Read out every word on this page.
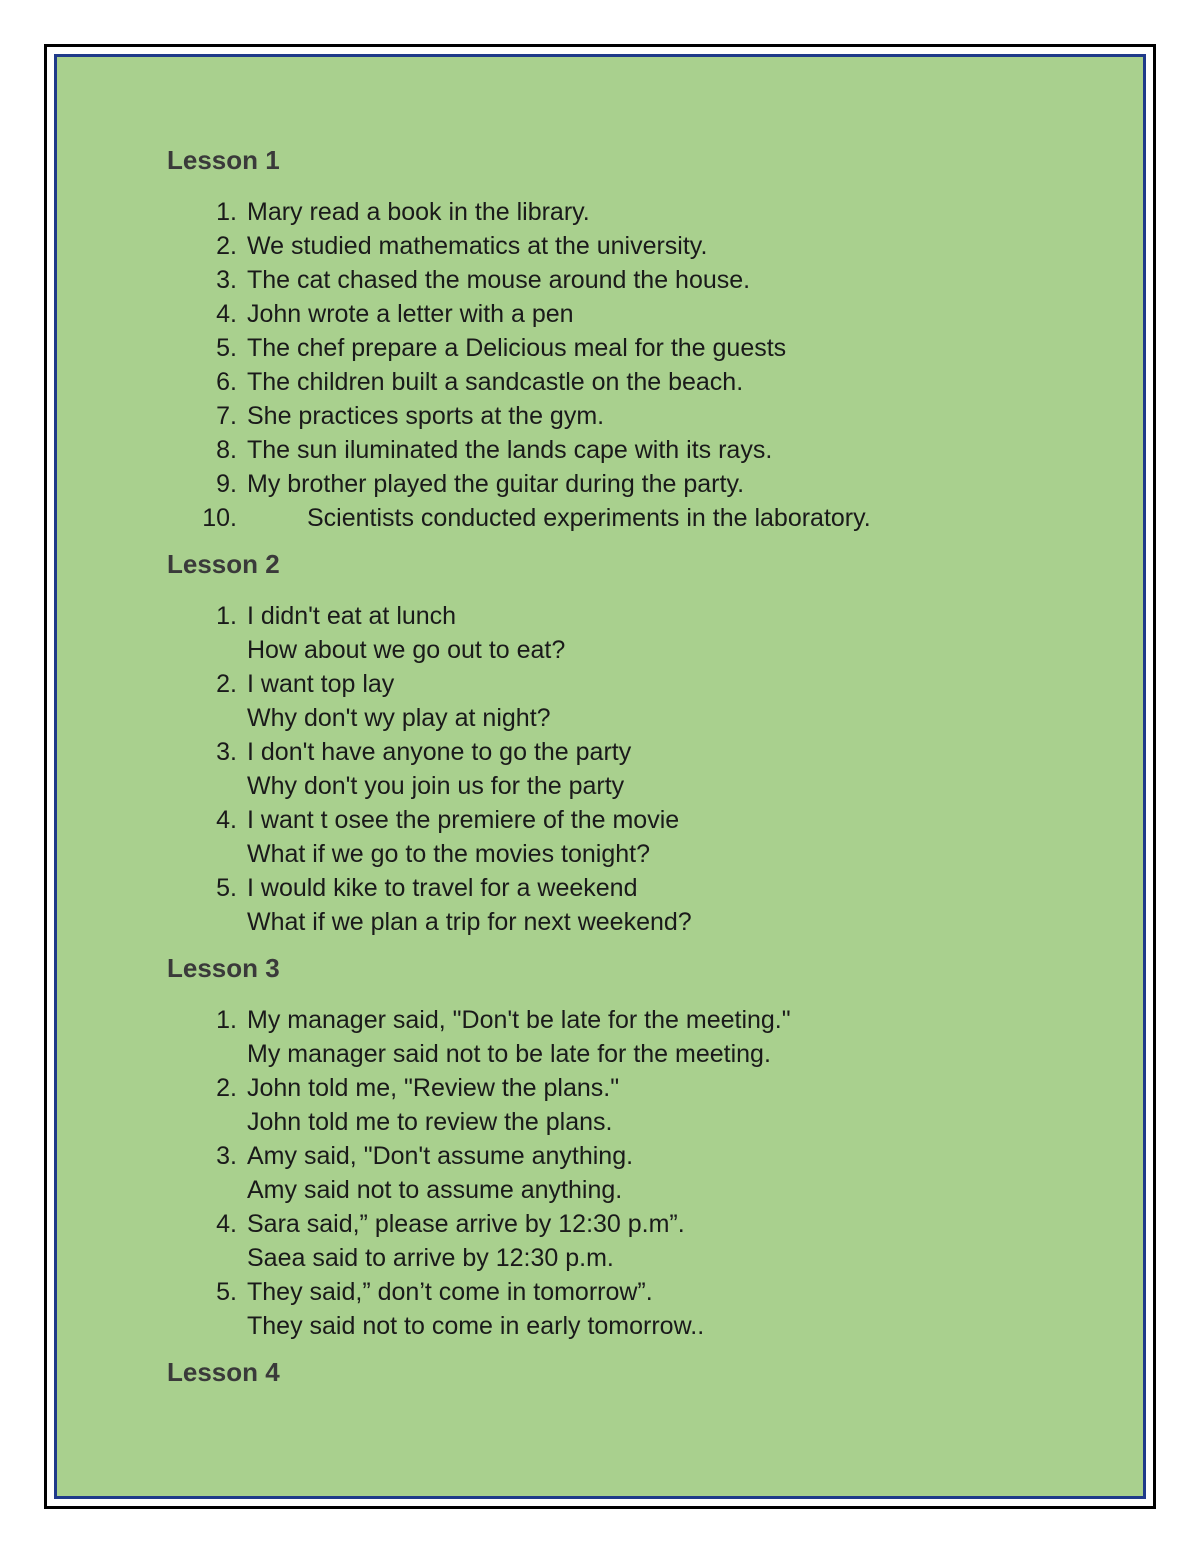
Lesson 1
1. Mary read a book in the library.
2. We studied mathematics at the university.
3. The cat chased the mouse around the house.
4. John wrote a letter with a pen
5. The chef prepare a Delicious meal for the guests
6. The children built a sandcastle on the beach.
7. She practices sports at the gym.
8. The sun iluminated the lands cape with its rays.
9. My brother played the guitar during the party.
10.	Scientists conducted experiments in the laboratory.
Lesson 2
1. I didn't eat at lunch
How about we go out to eat?
2. I want top lay
Why don't wy play at night?
3. I don't have anyone to go the party
Why don't you join us for the party
4. I want t osee the premiere of the movie
What if we go to the movies tonight?
5. I would kike to travel for a weekend
What if we plan a trip for next weekend?
Lesson 3
1. My manager said, "Don't be late for the meeting."
My manager said not to be late for the meeting.
2. John told me, "Review the plans."
John told me to review the plans.
3. Amy said, "Don't assume anything.
Amy said not to assume anything.
4. Sara said,” please arrive by 12:30 p.m”.
Saea said to arrive by 12:30 p.m.
5. They said,” don’t come in tomorrow”.
They said not to come in early tomorrow..
Lesson 4
